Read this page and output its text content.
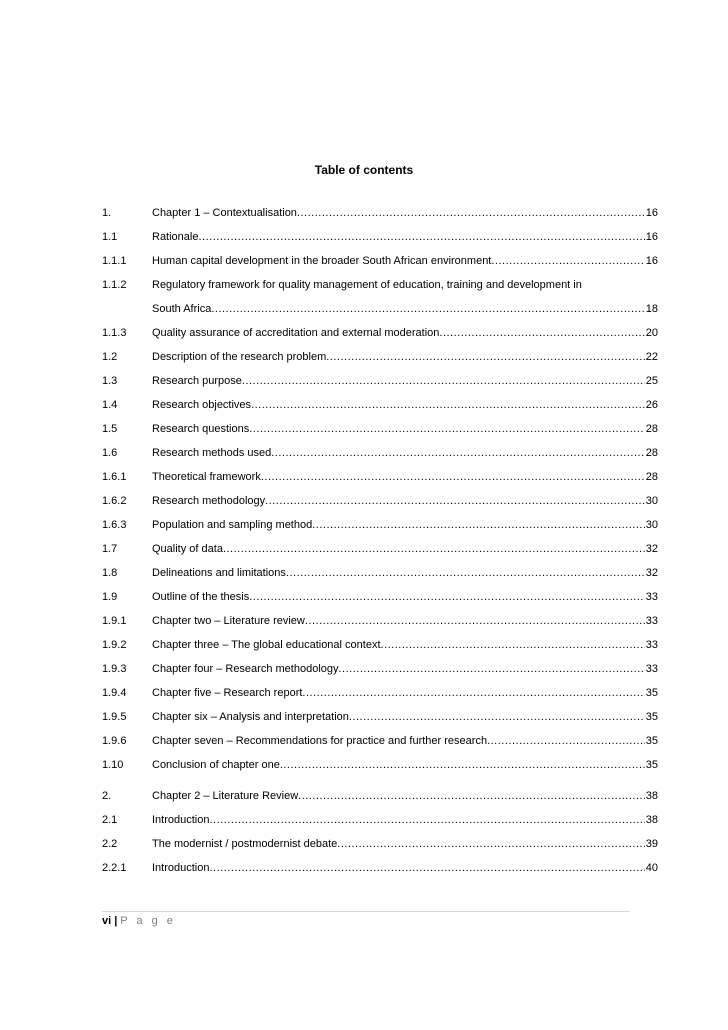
Table of contents
1.	Chapter 1 – Contextualisation .....	16
1.1	Rationale .....	16
1.1.1	Human capital development in the broader South African environment .....	16
1.1.2	Regulatory framework for quality management of education, training and development in
South Africa .....	18
1.1.3	Quality assurance of accreditation and external moderation .....	20
1.2	Description of the research problem .....	22
1.3	Research purpose .....	25
1.4	Research objectives .....	26
1.5	Research questions .....	28
1.6	Research methods used .....	28
1.6.1	Theoretical framework .....	28
1.6.2	Research methodology .....	30
1.6.3	Population and sampling method .....	30
1.7	Quality of data .....	32
1.8	Delineations and limitations .....	32
1.9	Outline of the thesis .....	33
1.9.1	Chapter two – Literature review .....	33
1.9.2	Chapter three – The global educational context .....	33
1.9.3	Chapter four – Research methodology .....	33
1.9.4	Chapter five – Research report .....	35
1.9.5	Chapter six – Analysis and interpretation .....	35
1.9.6	Chapter seven – Recommendations for practice and further research .....	35
1.10	Conclusion of chapter one .....	35
2.	Chapter 2 – Literature Review .....	38
2.1	Introduction .....	38
2.2	The modernist / postmodernist debate .....	39
2.2.1	Introduction .....	40
vi | P a g e
